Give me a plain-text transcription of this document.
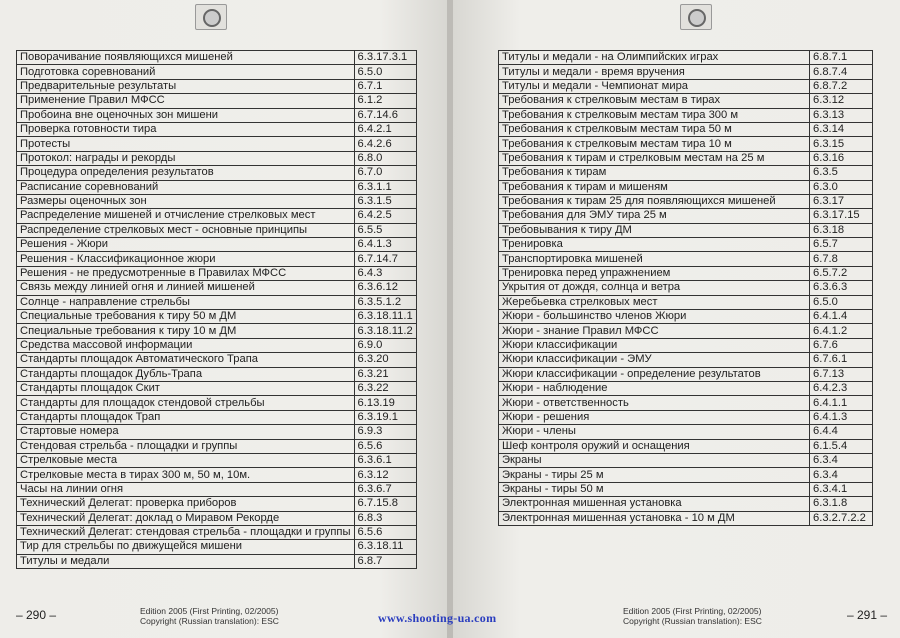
Поворачивание появляющихся мишеней	6.3.17.3.1
Подготовка соревнований	6.5.0
Предварительные результаты	6.7.1
Применение Правил МФСС	6.1.2
Пробоина вне оценочных зон мишени	6.7.14.6
Проверка готовности тира	6.4.2.1
Протесты	6.4.2.6
Протокол: награды и рекорды	6.8.0
Процедура определения результатов	6.7.0
Расписание соревнований	6.3.1.1
Размеры оценочных зон	6.3.1.5
Распределение мишеней и отчисление стрелковых мест	6.4.2.5
Распределение стрелковых мест - основные принципы	6.5.5
Решения - Жюри	6.4.1.3
Решения - Классификационное жюри	6.7.14.7
Решения - не предусмотренные в Правилах МФСС	6.4.3
Связь между линией огня и линией мишеней	6.3.6.12
Солнце - направление стрельбы	6.3.5.1.2
Специальные требования к тиру 50 м ДМ	6.3.18.11.1
Специальные требования к тиру 10 м ДМ	6.3.18.11.2
Средства массовой информации	6.9.0
Стандарты площадок Автоматического Трапа	6.3.20
Стандарты площадок Дубль-Трапа	6.3.21
Стандарты площадок Скит	6.3.22
Стандарты для площадок стендовой стрельбы	6.13.19
Стандарты площадок Трап	6.3.19.1
Стартовые номера	6.9.3
Стендовая стрельба - площадки и группы	6.5.6
Стрелковые места	6.3.6.1
Стрелковые места в тирах 300 м, 50 м, 10м.	6.3.12
Часы на линии огня	6.3.6.7
Технический Делегат: проверка приборов	6.7.15.8
Технический Делегат: доклад о Миравом Рекорде	6.8.3
Технический Делегат: стендовая стрельба - площадки и группы	6.5.6
Тир для стрельбы по движущейся мишени	6.3.18.11
Титулы и медали	6.8.7
– 290 –	Edition 2005 (First Printing, 02/2005)
Copyright (Russian translation): ESC
Титулы и медали - на Олимпийских играх	6.8.7.1
Титулы и медали - время вручения	6.8.7.4
Титулы и медали - Чемпионат мира	6.8.7.2
Требования к стрелковым местам в тирах	6.3.12
Требования к стрелковым местам тира 300 м	6.3.13
Требования к стрелковым местам тира 50 м	6.3.14
Требования к стрелковым местам тира 10 м	6.3.15
Требования к тирам и стрелковым местам на 25 м	6.3.16
Требования к тирам	6.3.5
Требования к тирам и мишеням	6.3.0
Требования к тирам 25 для появляющихся мишеней	6.3.17
Требования для ЭМУ тира 25 м	6.3.17.15
Требовывания к тиру ДМ	6.3.18
Тренировка	6.5.7
Транспортировка мишеней	6.7.8
Тренировка перед упражнением	6.5.7.2
Укрытия от дождя, солнца и ветра	6.3.6.3
Жеребьевка стрелковых мест	6.5.0
Жюри - большинство членов Жюри	6.4.1.4
Жюри - знание Правил МФСС	6.4.1.2
Жюри классификации	6.7.6
Жюри классификации - ЭМУ	6.7.6.1
Жюри классификации - определение результатов	6.7.13
Жюри - наблюдение	6.4.2.3
Жюри - ответственность	6.4.1.1
Жюри - решения	6.4.1.3
Жюри - члены	6.4.4
Шеф контроля оружий и оснащения	6.1.5.4
Экраны	6.3.4
Экраны - тиры 25 м	6.3.4
Экраны - тиры 50 м	6.3.4.1
Электронная мишенная установка	6.3.1.8
Электронная мишенная установка - 10 м ДМ	6.3.2.7.2.2
– 291 –
Edition 2005 (First Printing, 02/2005)
Copyright (Russian translation): ESC
www.shooting-ua.com
